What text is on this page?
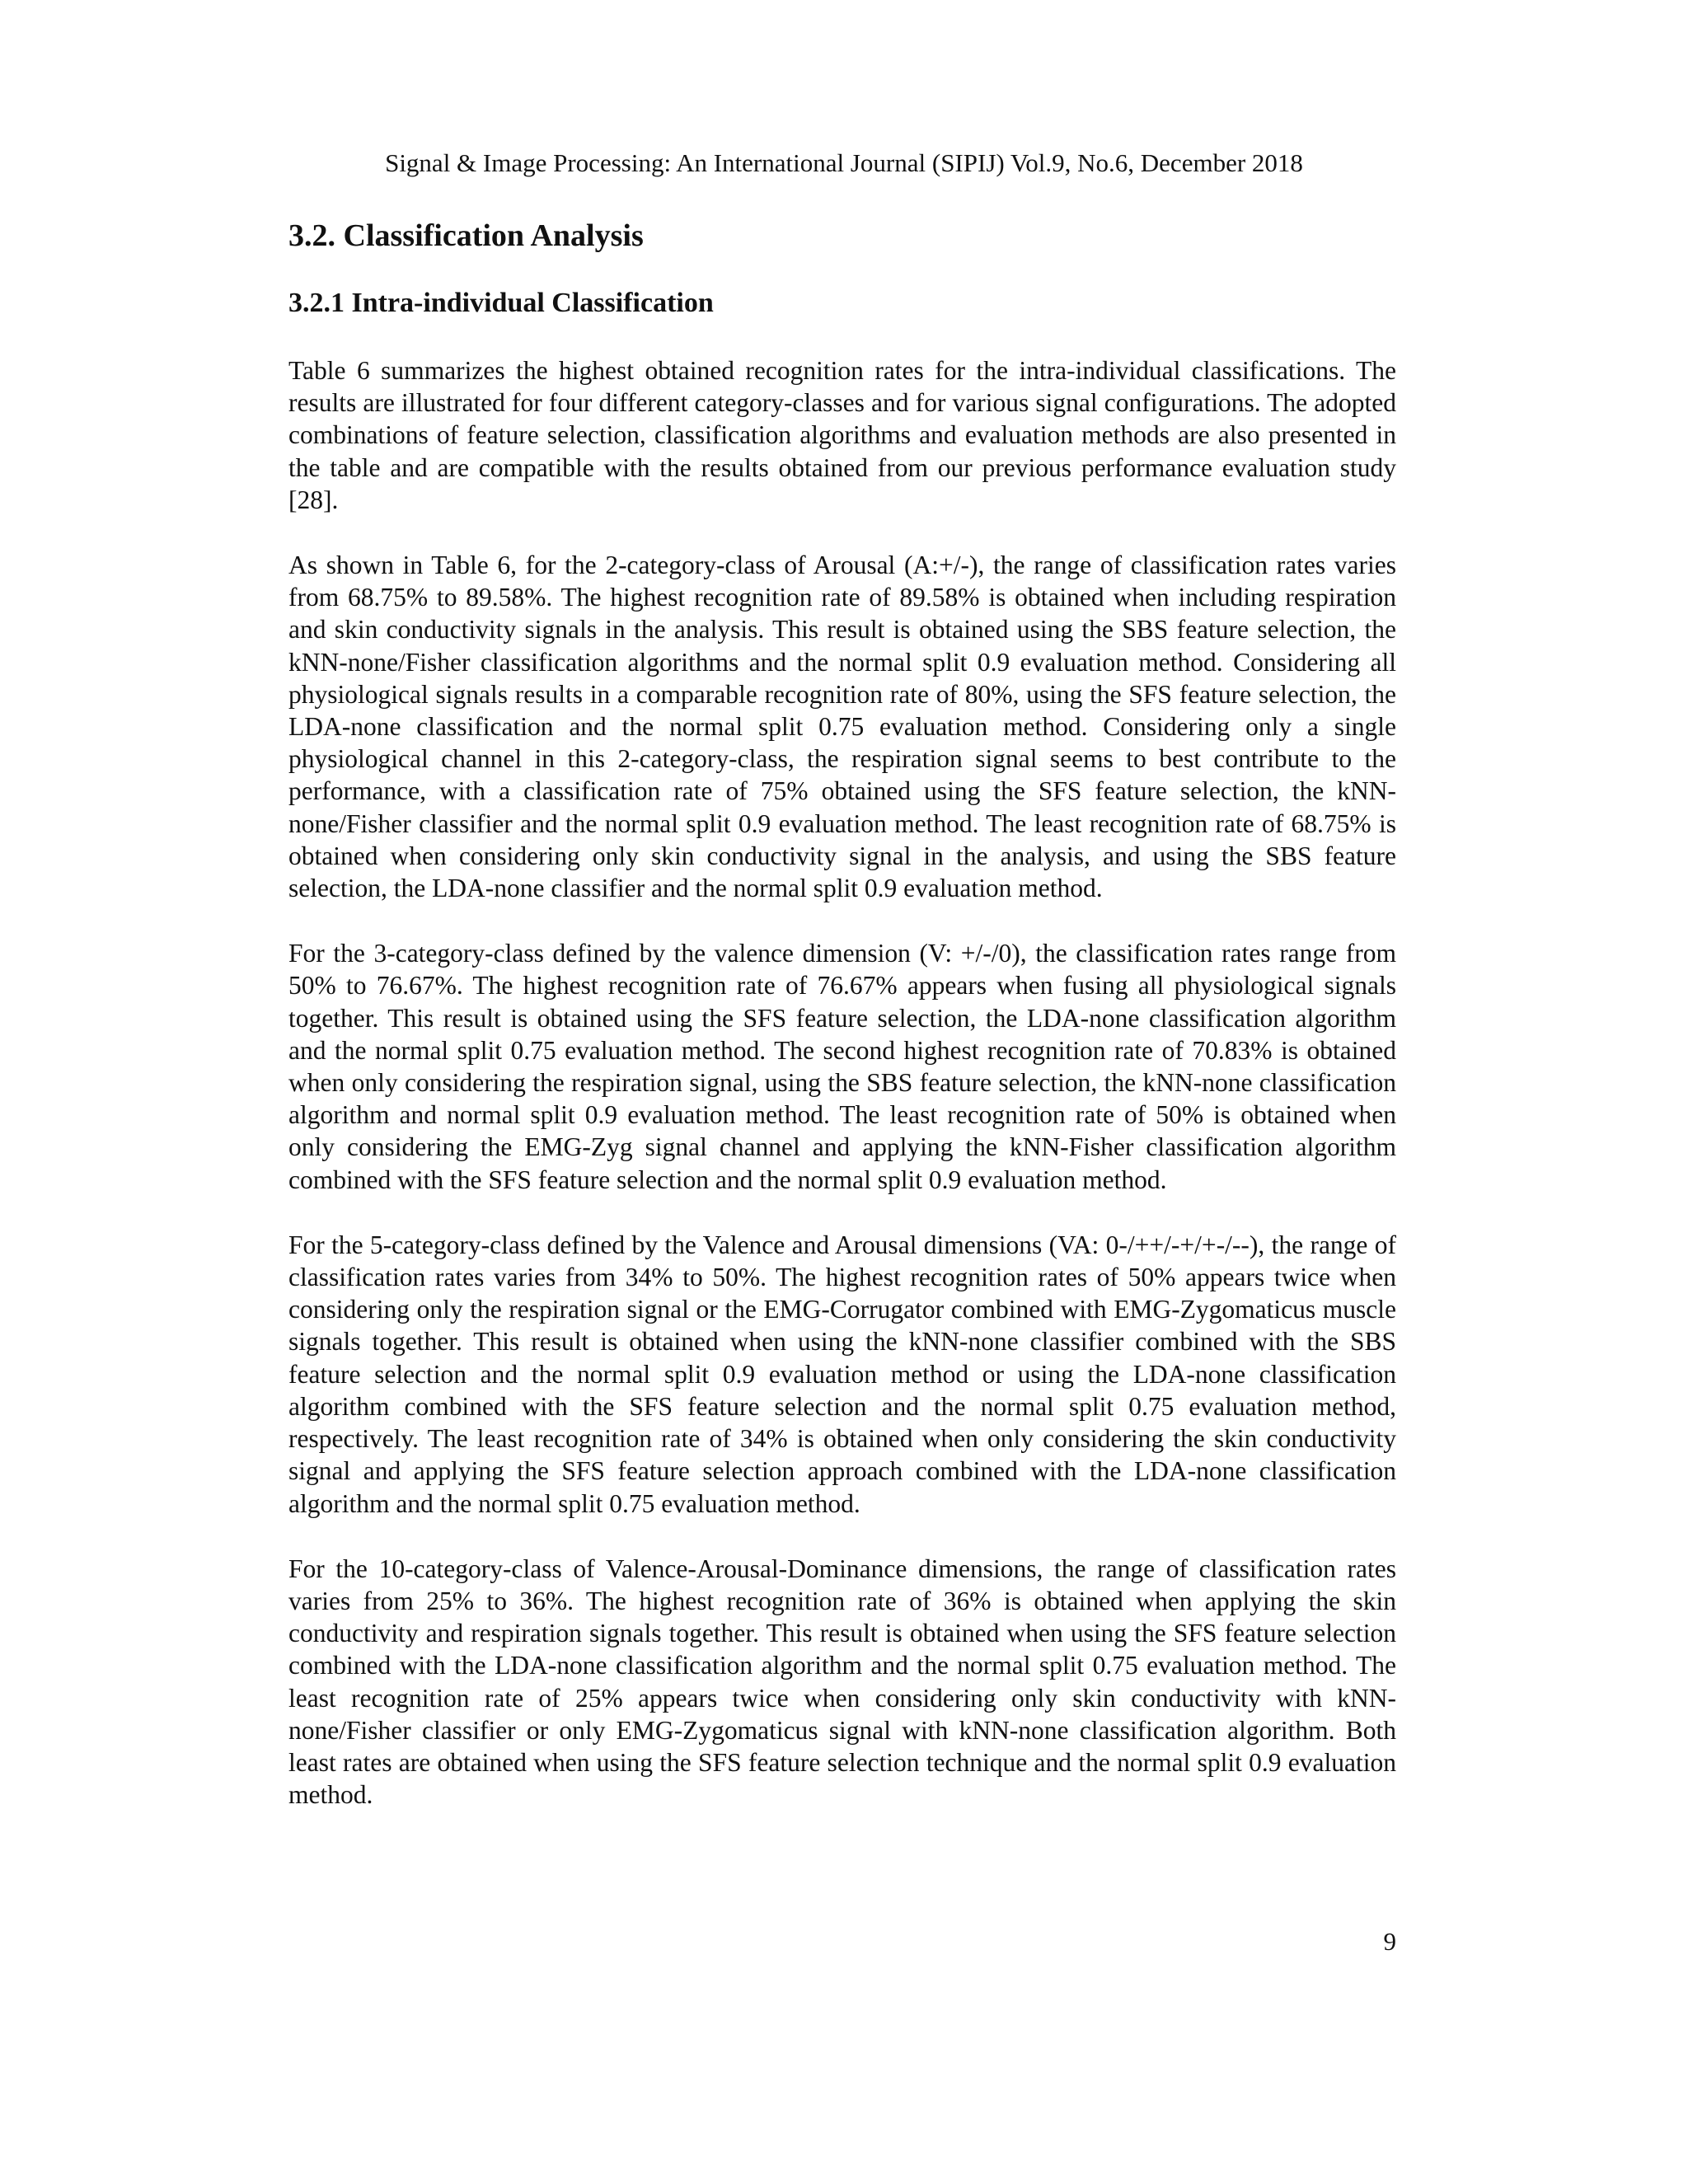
Signal & Image Processing: An International Journal (SIPIJ) Vol.9, No.6, December 2018
3.2. Classification Analysis
3.2.1 Intra-individual Classification

Table 6 summarizes the highest obtained recognition rates for the intra-individual classifications. The results are illustrated for four different category-classes and for various signal configurations. The adopted combinations of feature selection, classification algorithms and evaluation methods are also presented in the table and are compatible with the results obtained from our previous performance evaluation study [28].

As shown in Table 6, for the 2-category-class of Arousal (A:+/-), the range of classification rates varies from 68.75% to 89.58%. The highest recognition rate of 89.58% is obtained when including respiration and skin conductivity signals in the analysis. This result is obtained using the SBS feature selection, the kNN-none/Fisher classification algorithms and the normal split 0.9 evaluation method. Considering all physiological signals results in a comparable recognition rate of 80%, using the SFS feature selection, the LDA-none classification and the normal split 0.75 evaluation method. Considering only a single physiological channel in this 2-category-class, the respiration signal seems to best contribute to the performance, with a classification rate of 75% obtained using the SFS feature selection, the kNN-none/Fisher classifier and the normal split 0.9 evaluation method. The least recognition rate of 68.75% is obtained when considering only skin conductivity signal in the analysis, and using the SBS feature selection, the LDA-none classifier and the normal split 0.9 evaluation method.

For the 3-category-class defined by the valence dimension (V: +/-/0), the classification rates range from 50% to 76.67%. The highest recognition rate of 76.67% appears when fusing all physiological signals together. This result is obtained using the SFS feature selection, the LDA-none classification algorithm and the normal split 0.75 evaluation method. The second highest recognition rate of 70.83% is obtained when only considering the respiration signal, using the SBS feature selection, the kNN-none classification algorithm and normal split 0.9 evaluation method. The least recognition rate of 50% is obtained when only considering the EMG-Zyg signal channel and applying the kNN-Fisher classification algorithm combined with the SFS feature selection and the normal split 0.9 evaluation method.

For the 5-category-class defined by the Valence and Arousal dimensions (VA: 0-/++/-+/+-/--), the range of classification rates varies from 34% to 50%. The highest recognition rates of 50% appears twice when considering only the respiration signal or the EMG-Corrugator combined with EMG-Zygomaticus muscle signals together. This result is obtained when using the kNN-none classifier combined with the SBS feature selection and the normal split 0.9 evaluation method or using the LDA-none classification algorithm combined with the SFS feature selection and the normal split 0.75 evaluation method, respectively. The least recognition rate of 34% is obtained when only considering the skin conductivity signal and applying the SFS feature selection approach combined with the LDA-none classification algorithm and the normal split 0.75 evaluation method.

For the 10-category-class of Valence-Arousal-Dominance dimensions, the range of classification rates varies from 25% to 36%. The highest recognition rate of 36% is obtained when applying the skin conductivity and respiration signals together. This result is obtained when using the SFS feature selection combined with the LDA-none classification algorithm and the normal split 0.75 evaluation method. The least recognition rate of 25% appears twice when considering only skin conductivity with kNN-none/Fisher classifier or only EMG-Zygomaticus signal with kNN-none classification algorithm. Both least rates are obtained when using the SFS feature selection technique and the normal split 0.9 evaluation method.

9
